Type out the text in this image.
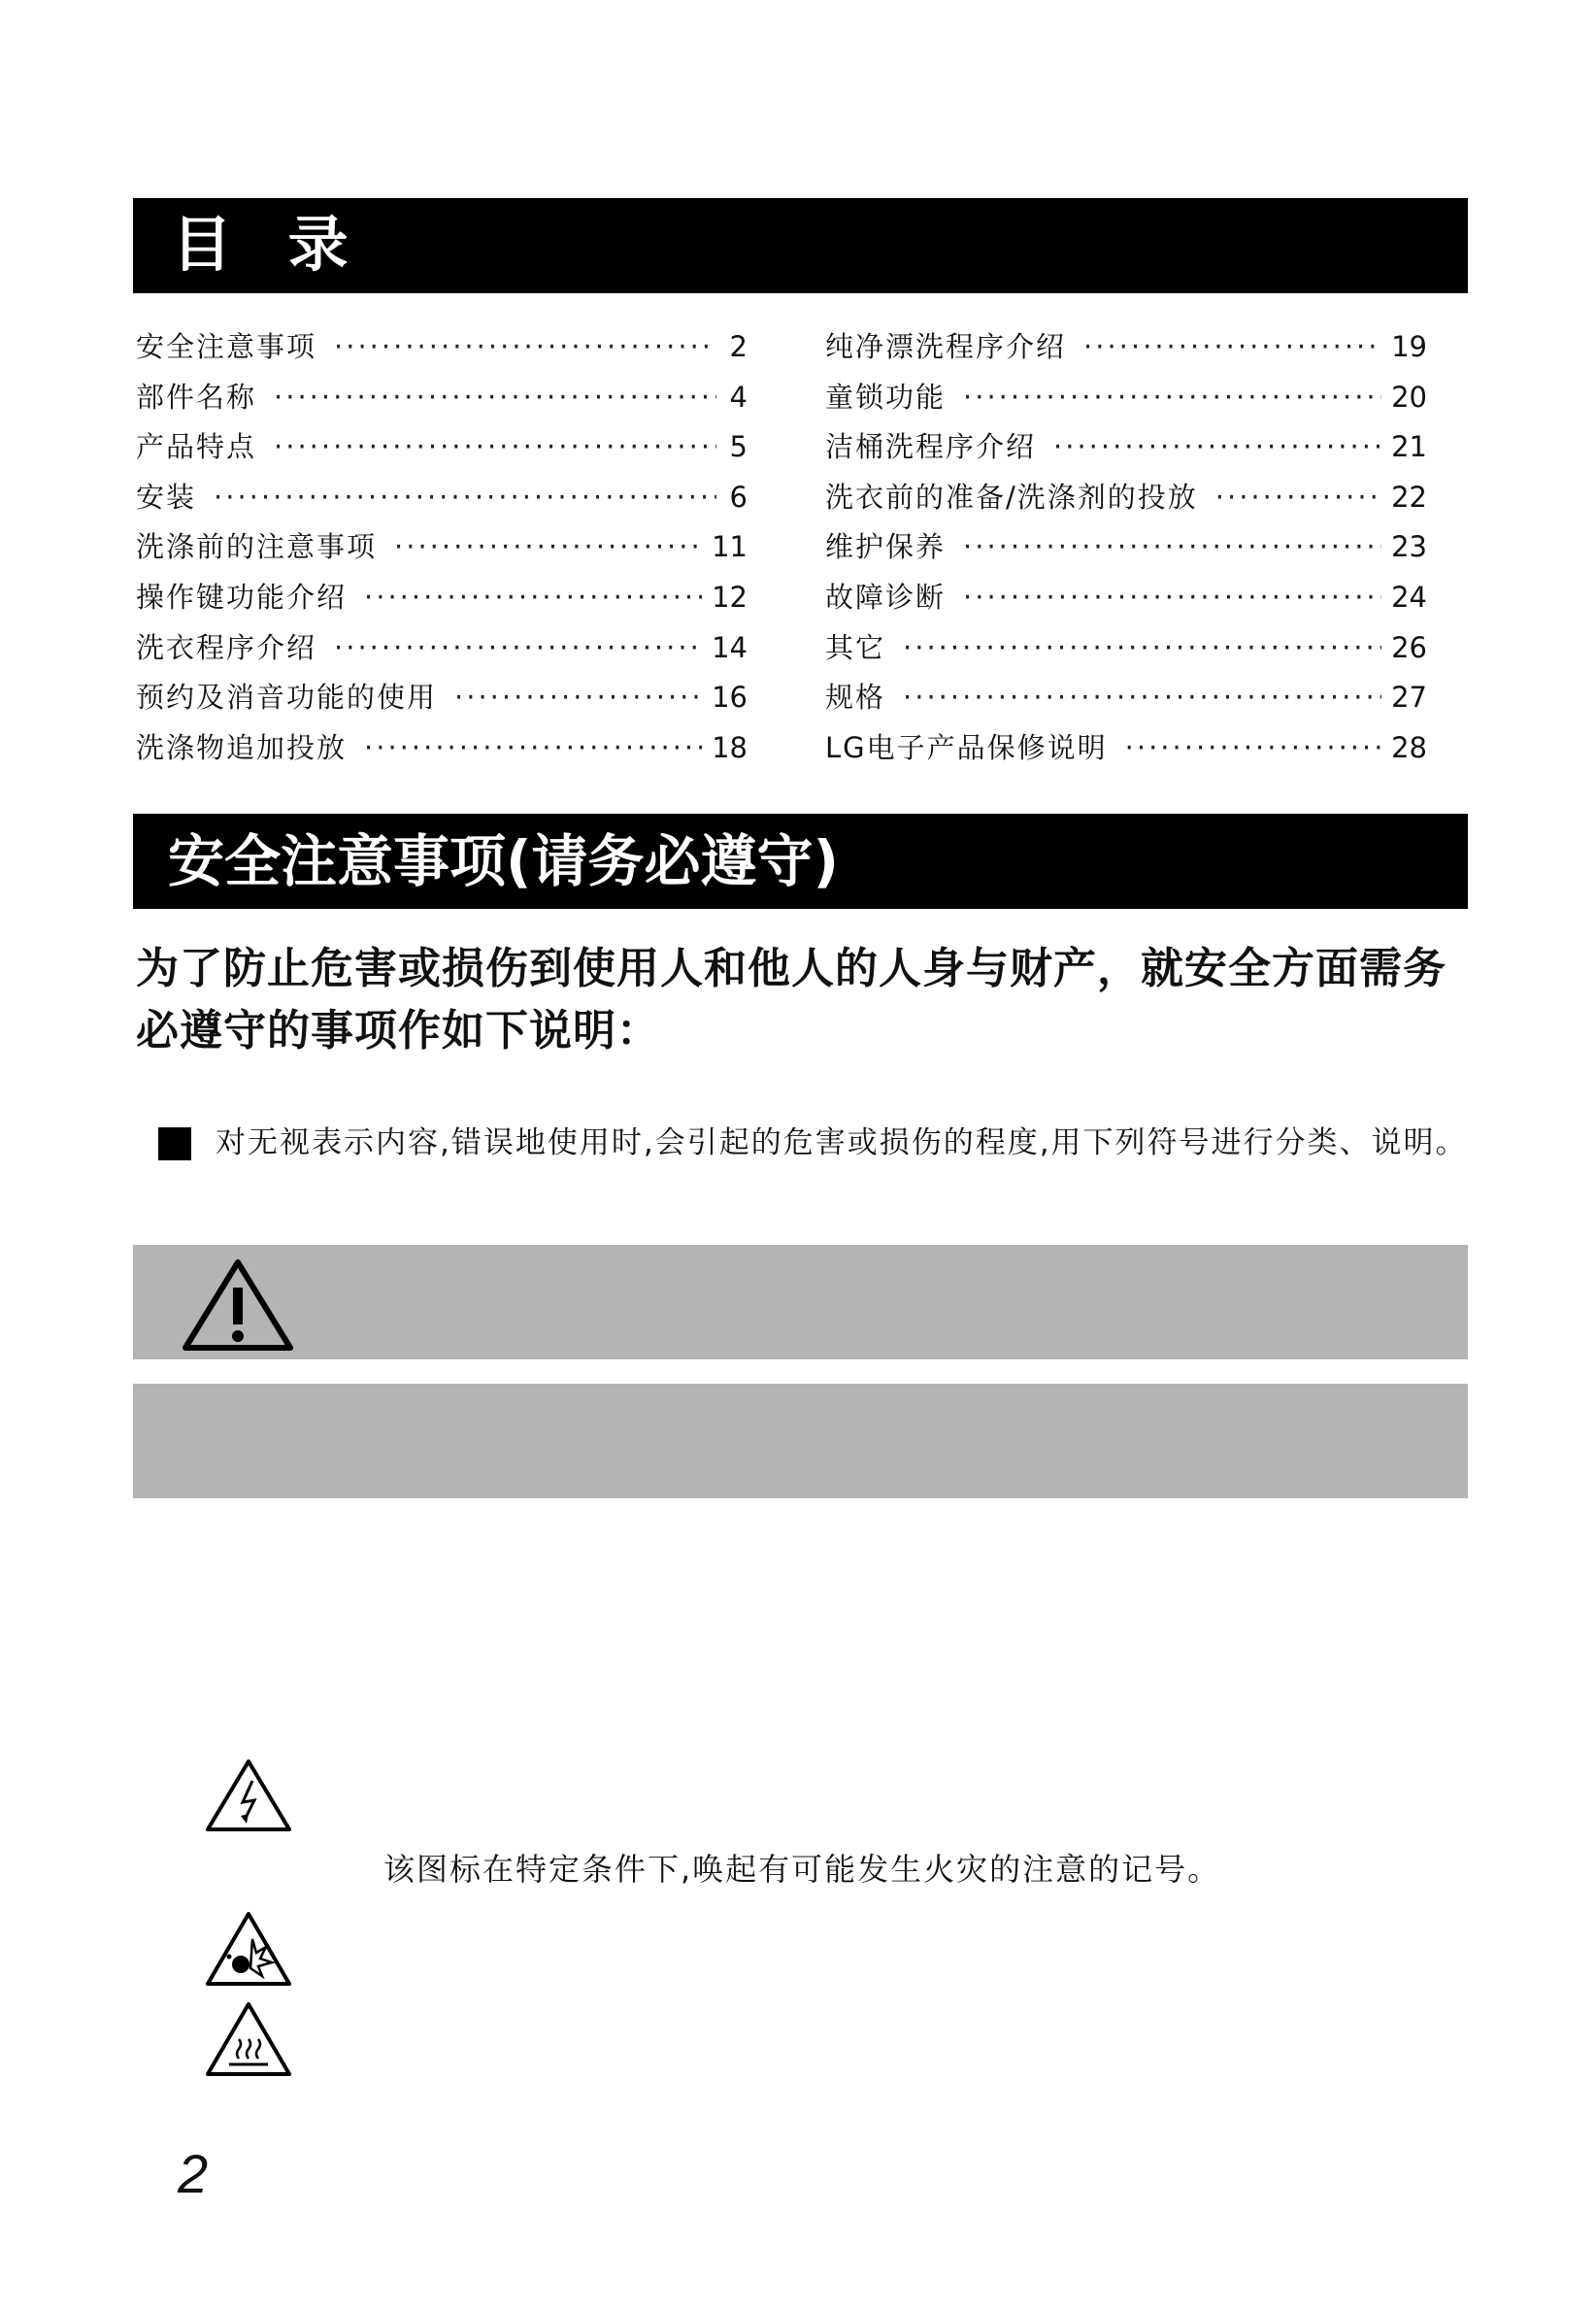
目 录
安全注意事项 ·····	2
部件名称 ·····	4
产品特点 ·····	5
安装 ·····	6
洗涤前的注意事项 ·····	11
操作键功能介绍 ·····	12
洗衣程序介绍 ·····	14
预约及消音功能的使用 ·····	16
洗涤物追加投放 ·····	18
纯净漂洗程序介绍 ·····	19
童锁功能 ·····	20
洁桶洗程序介绍 ·····	21
洗衣前的准备/洗涤剂的投放 ·····	22
维护保养 ·····	23
故障诊断 ·····	24
其它 ·····	26
规格 ·····	27
LG电子产品保修说明 ·····	28
安全注意事项(请务必遵守)
为了防止危害或损伤到使用人和他人的人身与财产，就安全方面需务必遵守的事项作如下说明：
对无视表示内容,错误地使用时,会引起的危害或损伤的程度,用下列符号进行分类、说明。
该图标在特定条件下,唤起有可能发生火灾的注意的记号。
2
